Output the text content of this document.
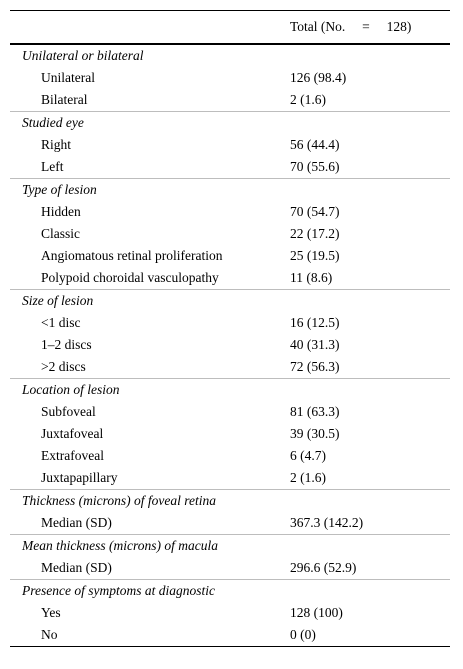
Total (No.     =     128)
Unilateral or bilateral
Unilateral	126 (98.4)
Bilateral	2 (1.6)
Studied eye
Right	56 (44.4)
Left	70 (55.6)
Type of lesion
Hidden	70 (54.7)
Classic	22 (17.2)
Angiomatous retinal proliferation	25 (19.5)
Polypoid choroidal vasculopathy	11 (8.6)
Size of lesion
<1 disc	16 (12.5)
1–2 discs	40 (31.3)
>2 discs	72 (56.3)
Location of lesion
Subfoveal	81 (63.3)
Juxtafoveal	39 (30.5)
Extrafoveal	6 (4.7)
Juxtapapillary	2 (1.6)
Thickness (microns) of foveal retina
Median (SD)	367.3 (142.2)
Mean thickness (microns) of macula
Median (SD)	296.6 (52.9)
Presence of symptoms at diagnostic
Yes	128 (100)
No	0 (0)
